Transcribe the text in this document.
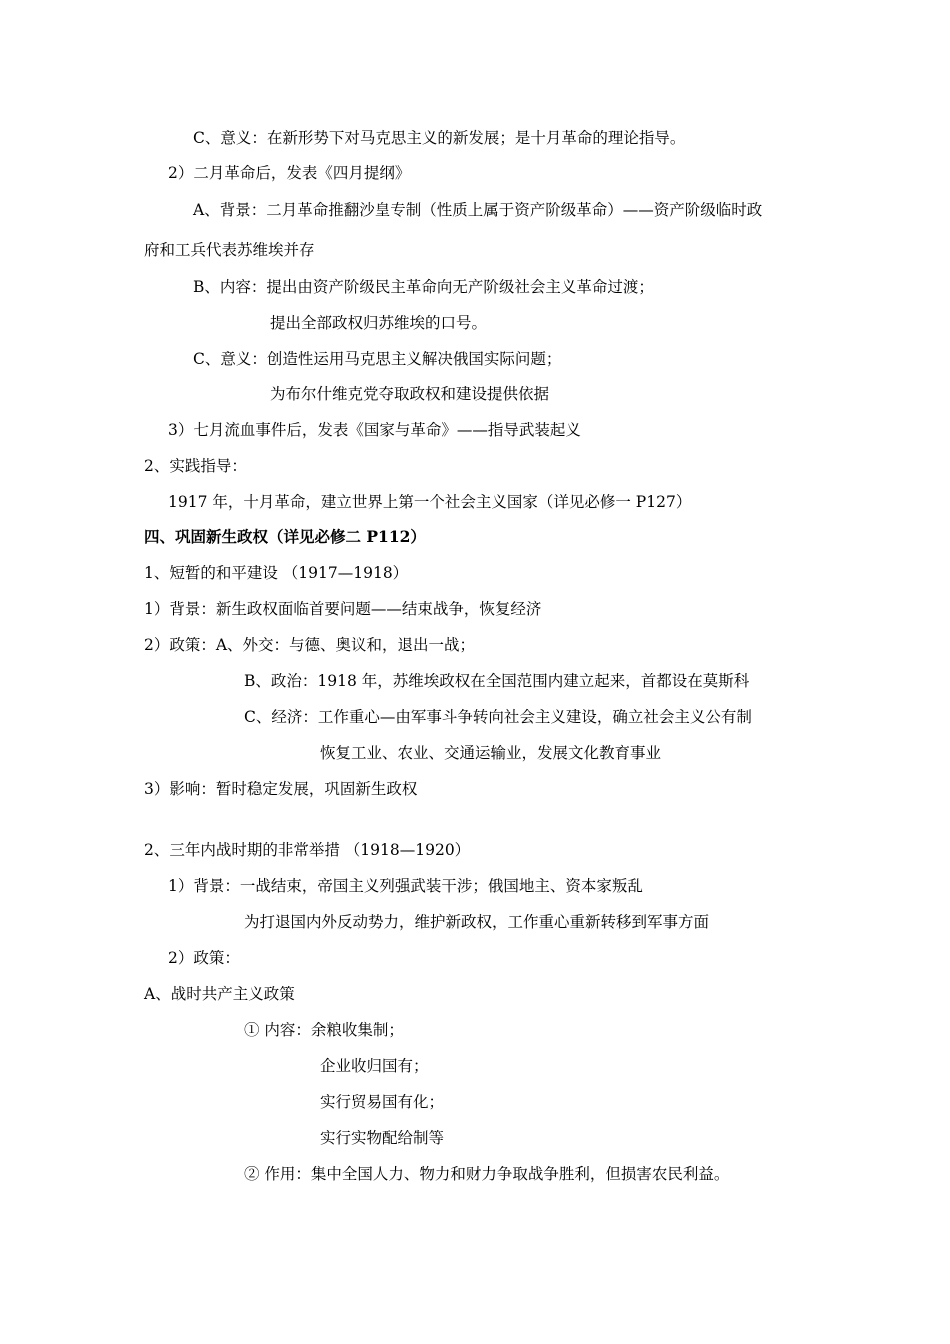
C、意义：在新形势下对马克思主义的新发展；是十月革命的理论指导。
2）二月革命后，发表《四月提纲》
A、背景：二月革命推翻沙皇专制（性质上属于资产阶级革命）——资产阶级临时政
府和工兵代表苏维埃并存
B、内容：提出由资产阶级民主革命向无产阶级社会主义革命过渡；
提出全部政权归苏维埃的口号。
C、意义：创造性运用马克思主义解决俄国实际问题；
为布尔什维克党夺取政权和建设提供依据
3）七月流血事件后，发表《国家与革命》——指导武装起义
2、实践指导：
1917 年，十月革命，建立世界上第一个社会主义国家（详见必修一 P127）
四、巩固新生政权（详见必修二 P112）
1、短暂的和平建设 （1917—1918）
1）背景：新生政权面临首要问题——结束战争，恢复经济
2）政策：A、外交：与德、奥议和，退出一战；
B、政治：1918 年，苏维埃政权在全国范围内建立起来，首都设在莫斯科
C、经济：工作重心—由军事斗争转向社会主义建设，确立社会主义公有制
恢复工业、农业、交通运输业，发展文化教育事业
3）影响：暂时稳定发展，巩固新生政权
2、三年内战时期的非常举措 （1918—1920）
1）背景：一战结束，帝国主义列强武装干涉；俄国地主、资本家叛乱
为打退国内外反动势力，维护新政权，工作重心重新转移到军事方面
2）政策：
A、战时共产主义政策
① 内容：余粮收集制；
企业收归国有；
实行贸易国有化；
实行实物配给制等
② 作用：集中全国人力、物力和财力争取战争胜利，但损害农民利益。
